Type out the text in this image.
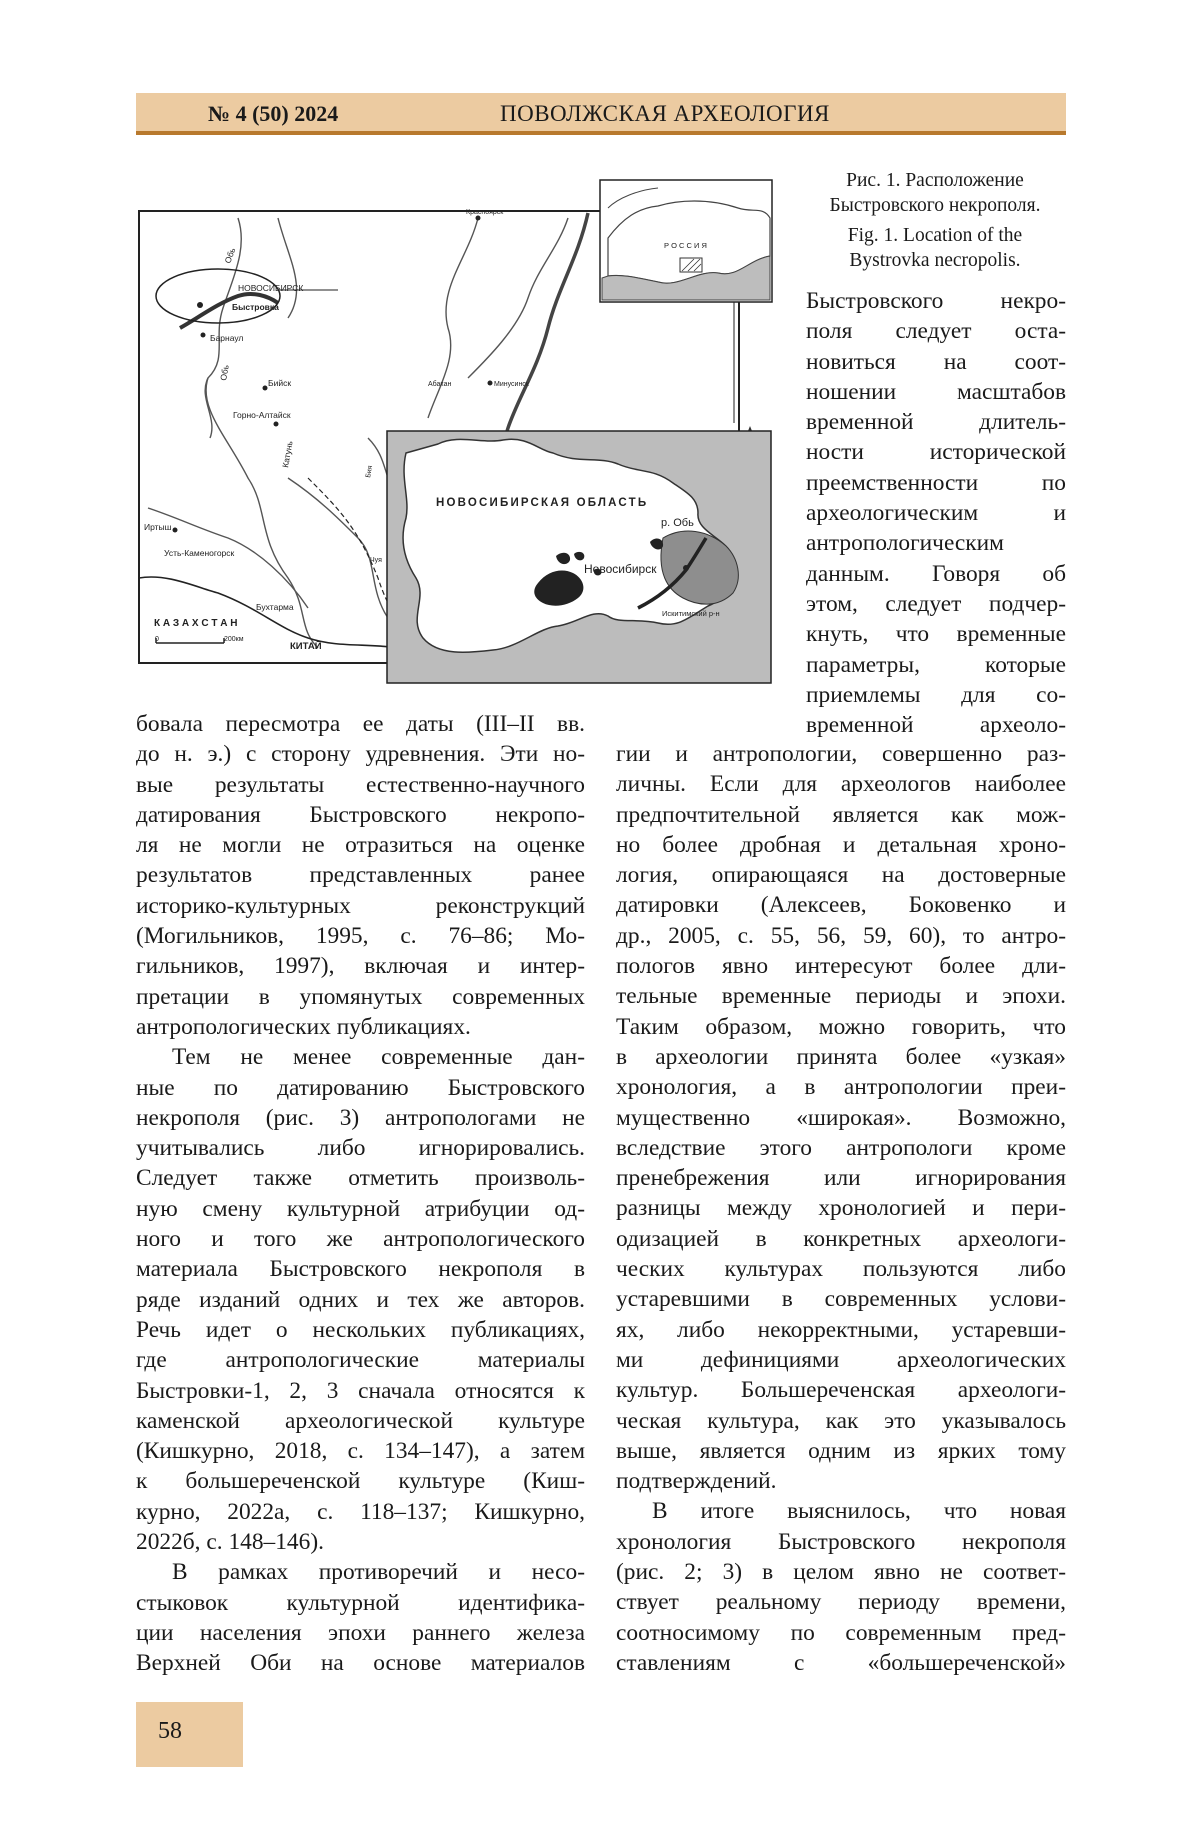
№ 4 (50) 2024	ПОВОЛЖСКАЯ АРХЕОЛОГИЯ
НОВОСИБИРСК
Быстровка
Обь
Барнаул
Обь
Бийск
Горно-Алтайск
Катунь
Иртыш
Усть-Каменогорск
Бухтарма
К А З А Х С Т А Н
КИТАЙ
0	200км
Красноярск
Абакан	Минусинск
Бия
Чуя
Р О С С И Я
НОВОСИБИРСКАЯ ОБЛАСТЬ
р. Обь
Новосибирск
Искитимский р-н
Рис. 1. Расположение
Быстровского некрополя.
Fig. 1. Location of the
Bystrovka necropolis.
Быстровского некро-
поля следует оста-
новиться на соот-
ношении масштабов
временной длитель-
ности исторической
преемственности по
археологическим и
антропологическим
данным. Говоря об
этом, следует подчер-
кнуть, что временные
параметры, которые
приемлемы для со-
временной археоло-
бовала пересмотра ее даты (III–II вв.
до н. э.) с сторону удревнения. Эти но-
вые результаты естественно-научного
датирования Быстровского некропо-
ля не могли не отразиться на оценке
результатов представленных ранее
историко-культурных реконструкций
(Могильников, 1995, с. 76–86; Мо-
гильников, 1997), включая и интер-
претации в упомянутых современных
антропологических публикациях.
Тем не менее современные дан-
ные по датированию Быстровского
некрополя (рис. 3) антропологами не
учитывались либо игнорировались.
Следует также отметить произволь-
ную смену культурной атрибуции од-
ного и того же антропологического
материала Быстровского некрополя в
ряде изданий одних и тех же авторов.
Речь идет о нескольких публикациях,
где антропологические материалы
Быстровки-1, 2, 3 сначала относятся к
каменской археологической культуре
(Кишкурно, 2018, с. 134–147), а затем
к большереченской культуре (Киш-
курно, 2022а, с. 118–137; Кишкурно,
2022б, с. 148–146).
В рамках противоречий и несо-
стыковок культурной идентифика-
ции населения эпохи раннего железа
Верхней Оби на основе материалов
гии и антропологии, совершенно раз-
личны. Если для археологов наиболее
предпочтительной является как мож-
но более дробная и детальная хроно-
логия, опирающаяся на достоверные
датировки (Алексеев, Боковенко и
др., 2005, с. 55, 56, 59, 60), то антро-
пологов явно интересуют более дли-
тельные временные периоды и эпохи.
Таким образом, можно говорить, что
в археологии принята более «узкая»
хронология, а в антропологии преи-
мущественно «широкая». Возможно,
вследствие этого антропологи кроме
пренебрежения или игнорирования
разницы между хронологией и пери-
одизацией в конкретных археологи-
ческих культурах пользуются либо
устаревшими в современных услови-
ях, либо некорректными, устаревши-
ми дефинициями археологических
культур. Большереченская археологи-
ческая культура, как это указывалось
выше, является одним из ярких тому
подтверждений.
В итоге выяснилось, что новая
хронология Быстровского некрополя
(рис. 2; 3) в целом явно не соответ-
ствует реальному периоду времени,
соотносимому по современным пред-
ставлениям с «большереченской»
58
